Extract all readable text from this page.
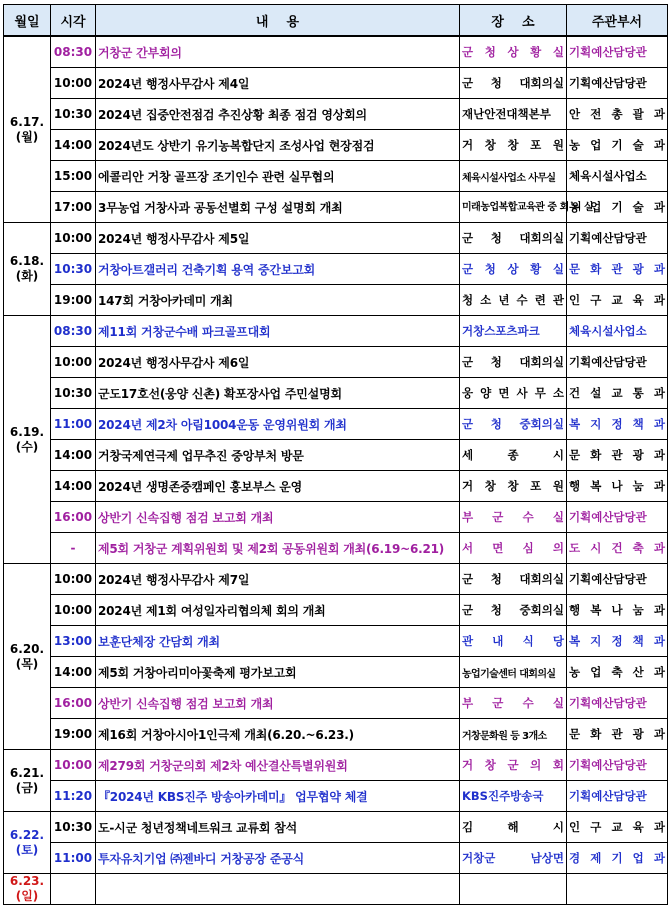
월일	시각	내    용	장    소	주관부서

6.17.
(월)	08:30	거창군 간부회의	군 청 상 황 실	기획예산담당관
	10:00	2024년 행정사무감사 제4일	군 청 대회의실	기획예산담당관
	10:30	2024년 집중안전점검 추진상황 최종 점검 영상회의	재난안전대책본부	안 전 총 괄 과
	14:00	2024년도 상반기 유기농복합단지 조성사업 현장점검	거 창 창 포 원	농 업 기 술 과
	15:00	에콜리안 거창 골프장 조기인수 관련 실무협의	체육시설사업소 사무실	체육시설사업소
	17:00	3무농업 거창사과 공동선별회 구성 설명회 개최	미래농업복합교육관 중 회 의 실	농 업 기 술 과

6.18.
(화)	10:00	2024년 행정사무감사 제5일	군 청 대회의실	기획예산담당관
	10:30	거창아트갤러리 건축기획 용역 중간보고회	군 청 상 황 실	문 화 관 광 과
	19:00	147회 거창아카데미 개최	청 소 년 수 련 관	인 구 교 육 과

6.19.
(수)	08:30	제11회 거창군수배 파크골프대회	거창스포츠파크	체육시설사업소
	10:00	2024년 행정사무감사 제6일	군 청 대회의실	기획예산담당관
	10:30	군도17호선(웅양 신촌) 확포장사업 주민설명회	웅 양 면 사 무 소	건 설 교 통 과
	11:00	2024년 제2차 아림1004운동 운영위원회 개최	군 청 중회의실	복 지 정 책 과
	14:00	거창국제연극제 업무추진 중앙부처 방문	세 종 시	문 화 관 광 과
	14:00	2024년 생명존중캠페인 홍보부스 운영	거 창 창 포 원	행 복 나 눔 과
	16:00	상반기 신속집행 점검 보고회 개최	부 군 수 실	기획예산담당관
	-	제5회 거창군 계획위원회 및 제2회 공동위원회 개최(6.19~6.21)	서 면 심 의	도 시 건 축 과

6.20.
(목)	10:00	2024년 행정사무감사 제7일	군 청 대회의실	기획예산담당관
	10:00	2024년 제1회 여성일자리협의체 회의 개최	군 청 중회의실	행 복 나 눔 과
	13:00	보훈단체장 간담회 개최	관 내 식 당	복 지 정 책 과
	14:00	제5회 거창아리미아꽃축제 평가보고회	농업기술센터 대회의실	농 업 축 산 과
	16:00	상반기 신속집행 점검 보고회 개최	부 군 수 실	기획예산담당관
	19:00	제16회 거창아시아1인극제 개최(6.20.~6.23.)	거창문화원 등 3개소	문 화 관 광 과

6.21.
(금)	10:00	제279회 거창군의회 제2차 예산결산특별위원회	거 창 군 의 회	기획예산담당관
	11:20	『2024년 KBS진주 방송아카데미』 업무협약 체결	KBS진주방송국	기획예산담당관

6.22.
(토)	10:30	도-시군 청년정책네트워크 교류회 참석	김 해 시	인 구 교 육 과
	11:00	투자유치기업 ㈜젠바디 거창공장 준공식	거창군 남상면	경 제 기 업 과

6.23.
(일)				
